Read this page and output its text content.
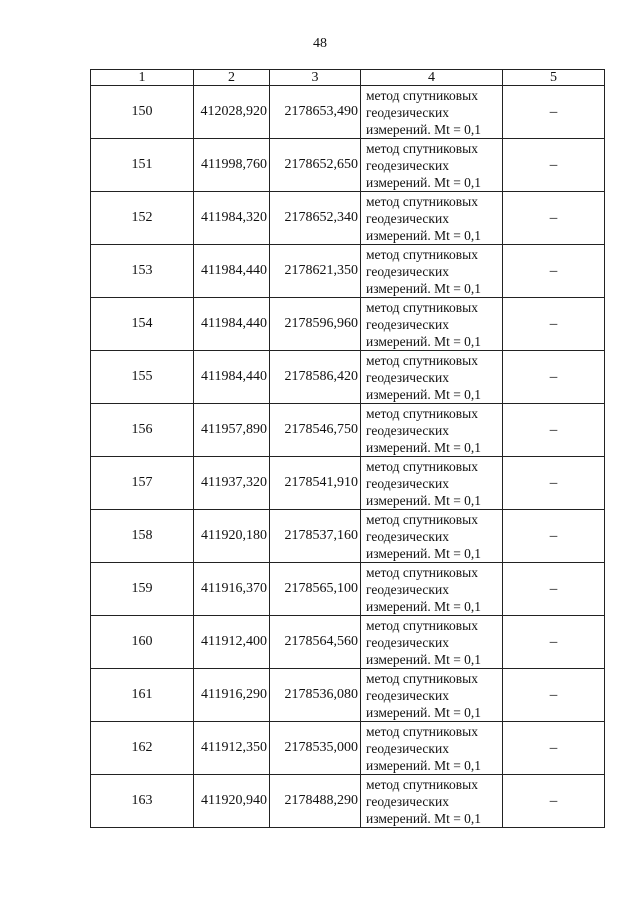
48
1	2	3	4	5
150	412028,920	2178653,490	метод спутниковых
геодезических
измерений. Mt = 0,1	–
151	411998,760	2178652,650	метод спутниковых
геодезических
измерений. Mt = 0,1	–
152	411984,320	2178652,340	метод спутниковых
геодезических
измерений. Mt = 0,1	–
153	411984,440	2178621,350	метод спутниковых
геодезических
измерений. Mt = 0,1	–
154	411984,440	2178596,960	метод спутниковых
геодезических
измерений. Mt = 0,1	–
155	411984,440	2178586,420	метод спутниковых
геодезических
измерений. Mt = 0,1	–
156	411957,890	2178546,750	метод спутниковых
геодезических
измерений. Mt = 0,1	–
157	411937,320	2178541,910	метод спутниковых
геодезических
измерений. Mt = 0,1	–
158	411920,180	2178537,160	метод спутниковых
геодезических
измерений. Mt = 0,1	–
159	411916,370	2178565,100	метод спутниковых
геодезических
измерений. Mt = 0,1	–
160	411912,400	2178564,560	метод спутниковых
геодезических
измерений. Mt = 0,1	–
161	411916,290	2178536,080	метод спутниковых
геодезических
измерений. Mt = 0,1	–
162	411912,350	2178535,000	метод спутниковых
геодезических
измерений. Mt = 0,1	–
163	411920,940	2178488,290	метод спутниковых
геодезических
измерений. Mt = 0,1	–
